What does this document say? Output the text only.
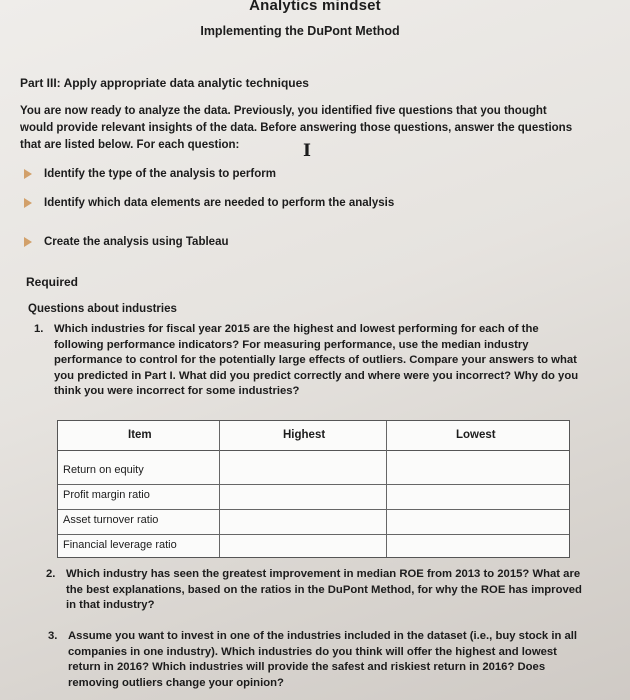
Analytics mindset
Implementing the DuPont Method
Part III: Apply appropriate data analytic techniques
You are now ready to analyze the data. Previously, you identified five questions that you thought would provide relevant insights of the data. Before answering those questions, answer the questions that are listed below. For each question:	I
Identify the type of the analysis to perform
Identify which data elements are needed to perform the analysis
Create the analysis using Tableau
Required
Questions about industries
1. Which industries for fiscal year 2015 are the highest and lowest performing for each of the following performance indicators? For measuring performance, use the median industry performance to control for the potentially large effects of outliers. Compare your answers to what you predicted in Part I. What did you predict correctly and where were you incorrect? Why do you think you were incorrect for some industries?
Item	Highest	Lowest
Return on equity
Profit margin ratio
Asset turnover ratio
Financial leverage ratio
2. Which industry has seen the greatest improvement in median ROE from 2013 to 2015? What are the best explanations, based on the ratios in the DuPont Method, for why the ROE has improved in that industry?
3. Assume you want to invest in one of the industries included in the dataset (i.e., buy stock in all companies in one industry). Which industries do you think will offer the highest and lowest return in 2016? Which industries will provide the safest and riskiest return in 2016? Does removing outliers change your opinion?
